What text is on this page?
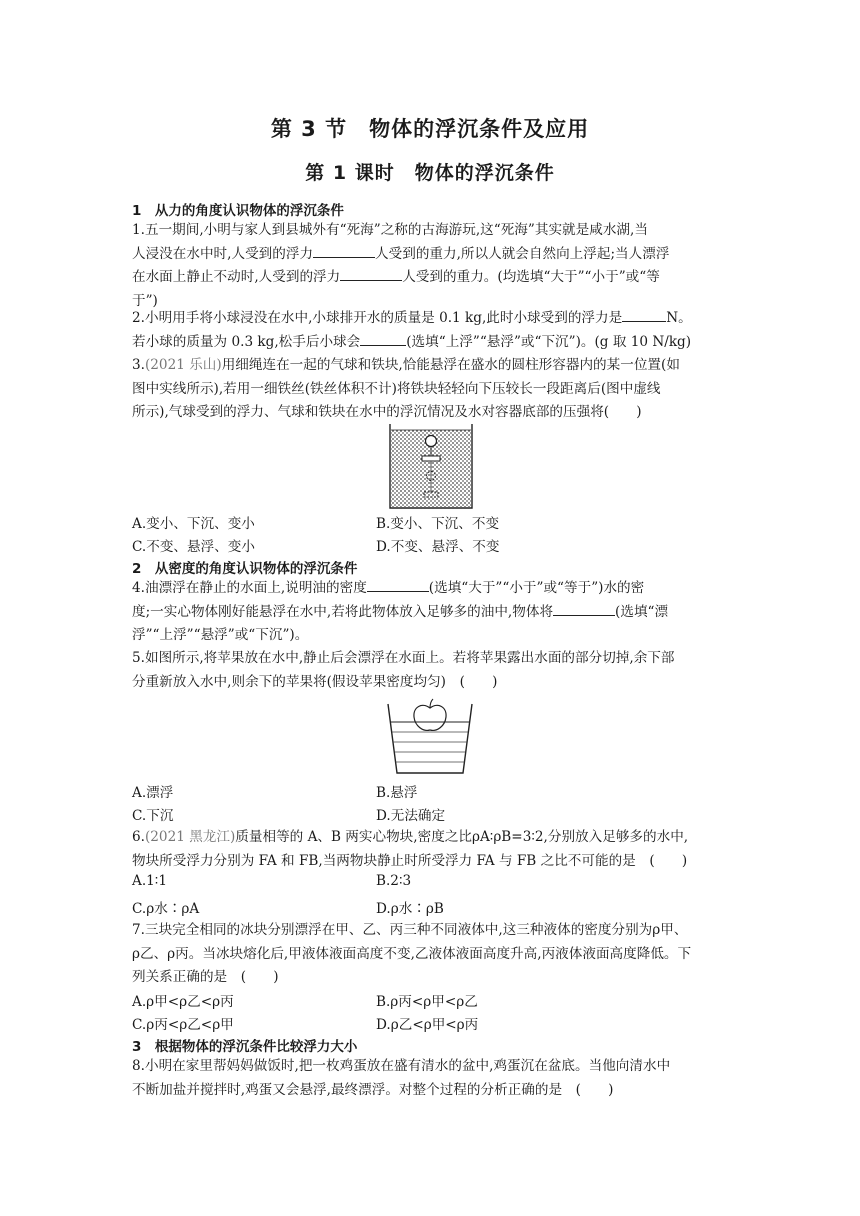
第 3 节　物体的浮沉条件及应用
第 1 课时　物体的浮沉条件
1　从力的角度认识物体的浮沉条件
1.五一期间,小明与家人到县城外有“死海”之称的古海游玩,这“死海”其实就是咸水湖,当
人浸没在水中时,人受到的浮力	人受到的重力,所以人就会自然向上浮起;当人漂浮
在水面上静止不动时,人受到的浮力	人受到的重力。(均选填“大于”“小于”或“等
于”)
2.小明用手将小球浸没在水中,小球排开水的质量是 0.1 kg,此时小球受到的浮力是	N。
若小球的质量为 0.3 kg,松手后小球会	(选填“上浮”“悬浮”或“下沉”)。(g 取 10 N/kg)
3.(2021 乐山)用细绳连在一起的气球和铁块,恰能悬浮在盛水的圆柱形容器内的某一位置(如
图中实线所示),若用一细铁丝(铁丝体积不计)将铁块轻轻向下压较长一段距离后(图中虚线
所示),气球受到的浮力、气球和铁块在水中的浮沉情况及水对容器底部的压强将(　　)
A.变小、下沉、变小	B.变小、下沉、不变
C.不变、悬浮、变小	D.不变、悬浮、不变
2　从密度的角度认识物体的浮沉条件
4.油漂浮在静止的水面上,说明油的密度	(选填“大于”“小于”或“等于”)水的密
度;一实心物体刚好能悬浮在水中,若将此物体放入足够多的油中,物体将	(选填“漂
浮”“上浮”“悬浮”或“下沉”)。
5.如图所示,将苹果放在水中,静止后会漂浮在水面上。若将苹果露出水面的部分切掉,余下部
分重新放入水中,则余下的苹果将(假设苹果密度均匀)　(　　)
A.漂浮	B.悬浮
C.下沉	D.无法确定
6.(2021 黑龙江)质量相等的 A、B 两实心物块,密度之比ρA∶ρB=3∶2,分别放入足够多的水中,
物块所受浮力分别为 FA 和 FB,当两物块静止时所受浮力 FA 与 FB 之比不可能的是　(　　)
A.1∶1	B.2∶3
C.ρ水∶ρA	D.ρ水∶ρB
7.三块完全相同的冰块分别漂浮在甲、乙、丙三种不同液体中,这三种液体的密度分别为ρ甲、
ρ乙、ρ丙。当冰块熔化后,甲液体液面高度不变,乙液体液面高度升高,丙液体液面高度降低。下
列关系正确的是　(　　)
A.ρ甲<ρ乙<ρ丙	B.ρ丙<ρ甲<ρ乙
C.ρ丙<ρ乙<ρ甲	D.ρ乙<ρ甲<ρ丙
3　根据物体的浮沉条件比较浮力大小
8.小明在家里帮妈妈做饭时,把一枚鸡蛋放在盛有清水的盆中,鸡蛋沉在盆底。当他向清水中
不断加盐并搅拌时,鸡蛋又会悬浮,最终漂浮。对整个过程的分析正确的是　(　　)
